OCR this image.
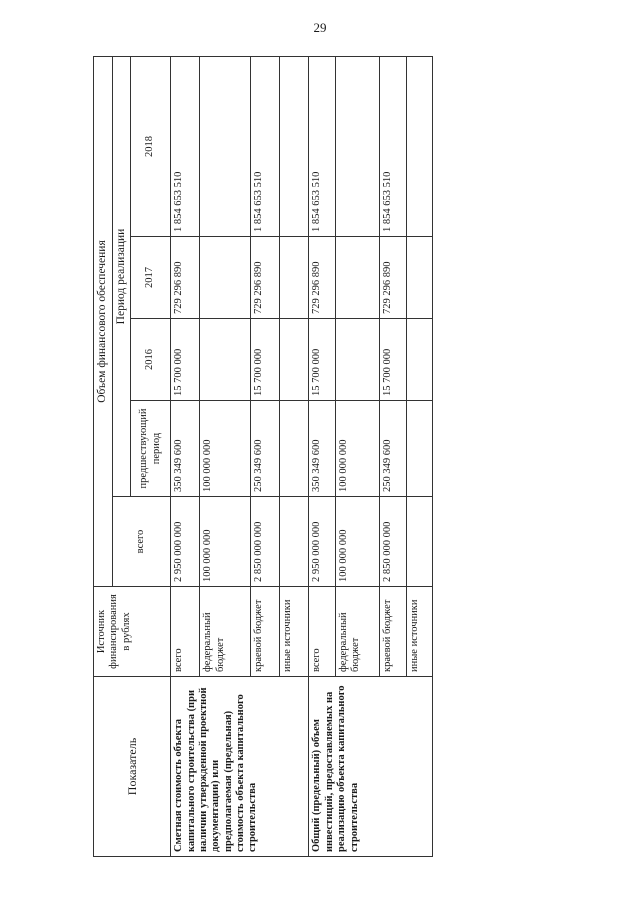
29
Показатель	Источник финансирования в рублях	Объем финансового обеспечения				
		всего	Период реализации			
			предшествующий период	2016	2017	2018
Сметная стоимость объекта капитального строительства (при наличии утвержденной проектной документации) или предполагаемая (предельная) стоимость объекта капитального строительства	всего	2 950 000 000	350 349 600	15 700 000	729 296 890	1 854 653 510
	федеральный бюджет	100 000 000	100 000 000			
	краевой бюджет	2 850 000 000	250 349 600	15 700 000	729 296 890	1 854 653 510
	иные источники					
Общий (предельный) объем инвестиций, предоставляемых на реализацию объекта капитального строительства	всего	2 950 000 000	350 349 600	15 700 000	729 296 890	1 854 653 510
	федеральный бюджет	100 000 000	100 000 000			
	краевой бюджет	2 850 000 000	250 349 600	15 700 000	729 296 890	1 854 653 510
	иные источники					
